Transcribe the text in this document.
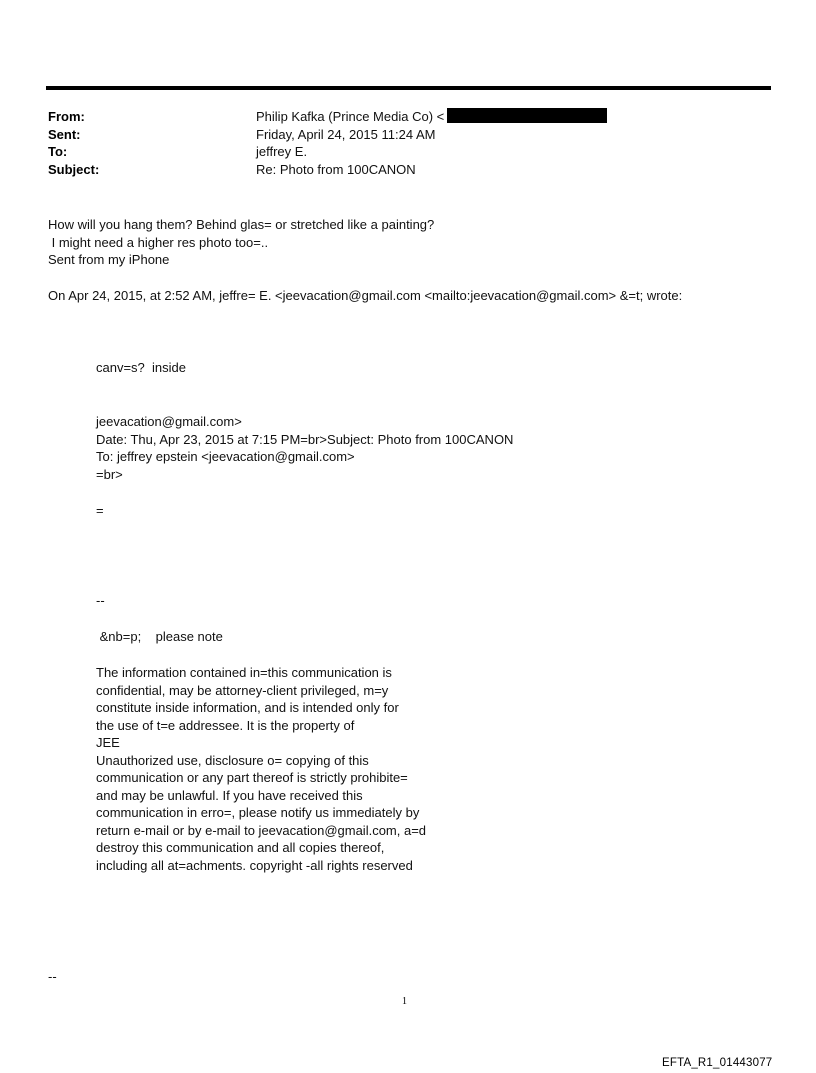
From:	Philip Kafka (Prince Media Co) <
Sent:	Friday, April 24, 2015 11:24 AM
To:	jeffrey E.
Subject:	Re: Photo from 100CANON
How will you hang them? Behind glas= or stretched like a painting?
I might need a higher res photo too=..
Sent from my iPhone
On Apr 24, 2015, at 2:52 AM, jeffre= E. <jeevacation@gmail.com <mailto:jeevacation@gmail.com> &=t; wrote:
canv=s?  inside
jeevacation@gmail.com>
Date: Thu, Apr 23, 2015 at 7:15 PM=br>Subject: Photo from 100CANON
To: jeffrey epstein <jeevacation@gmail.com>
=br>
=
--
&nb=p;    please note
The information contained in=this communication is
confidential, may be attorney-client privileged, m=y
constitute inside information, and is intended only for
the use of t=e addressee. It is the property of
JEE
Unauthorized use, disclosure o= copying of this
communication or any part thereof is strictly prohibite=
and may be unlawful. If you have received this
communication in erro=, please notify us immediately by
return e-mail or by e-mail to jeevacation@gmail.com, a=d
destroy this communication and all copies thereof,
including all at=achments. copyright -all rights reserved
--
1
EFTA_R1_01443077
